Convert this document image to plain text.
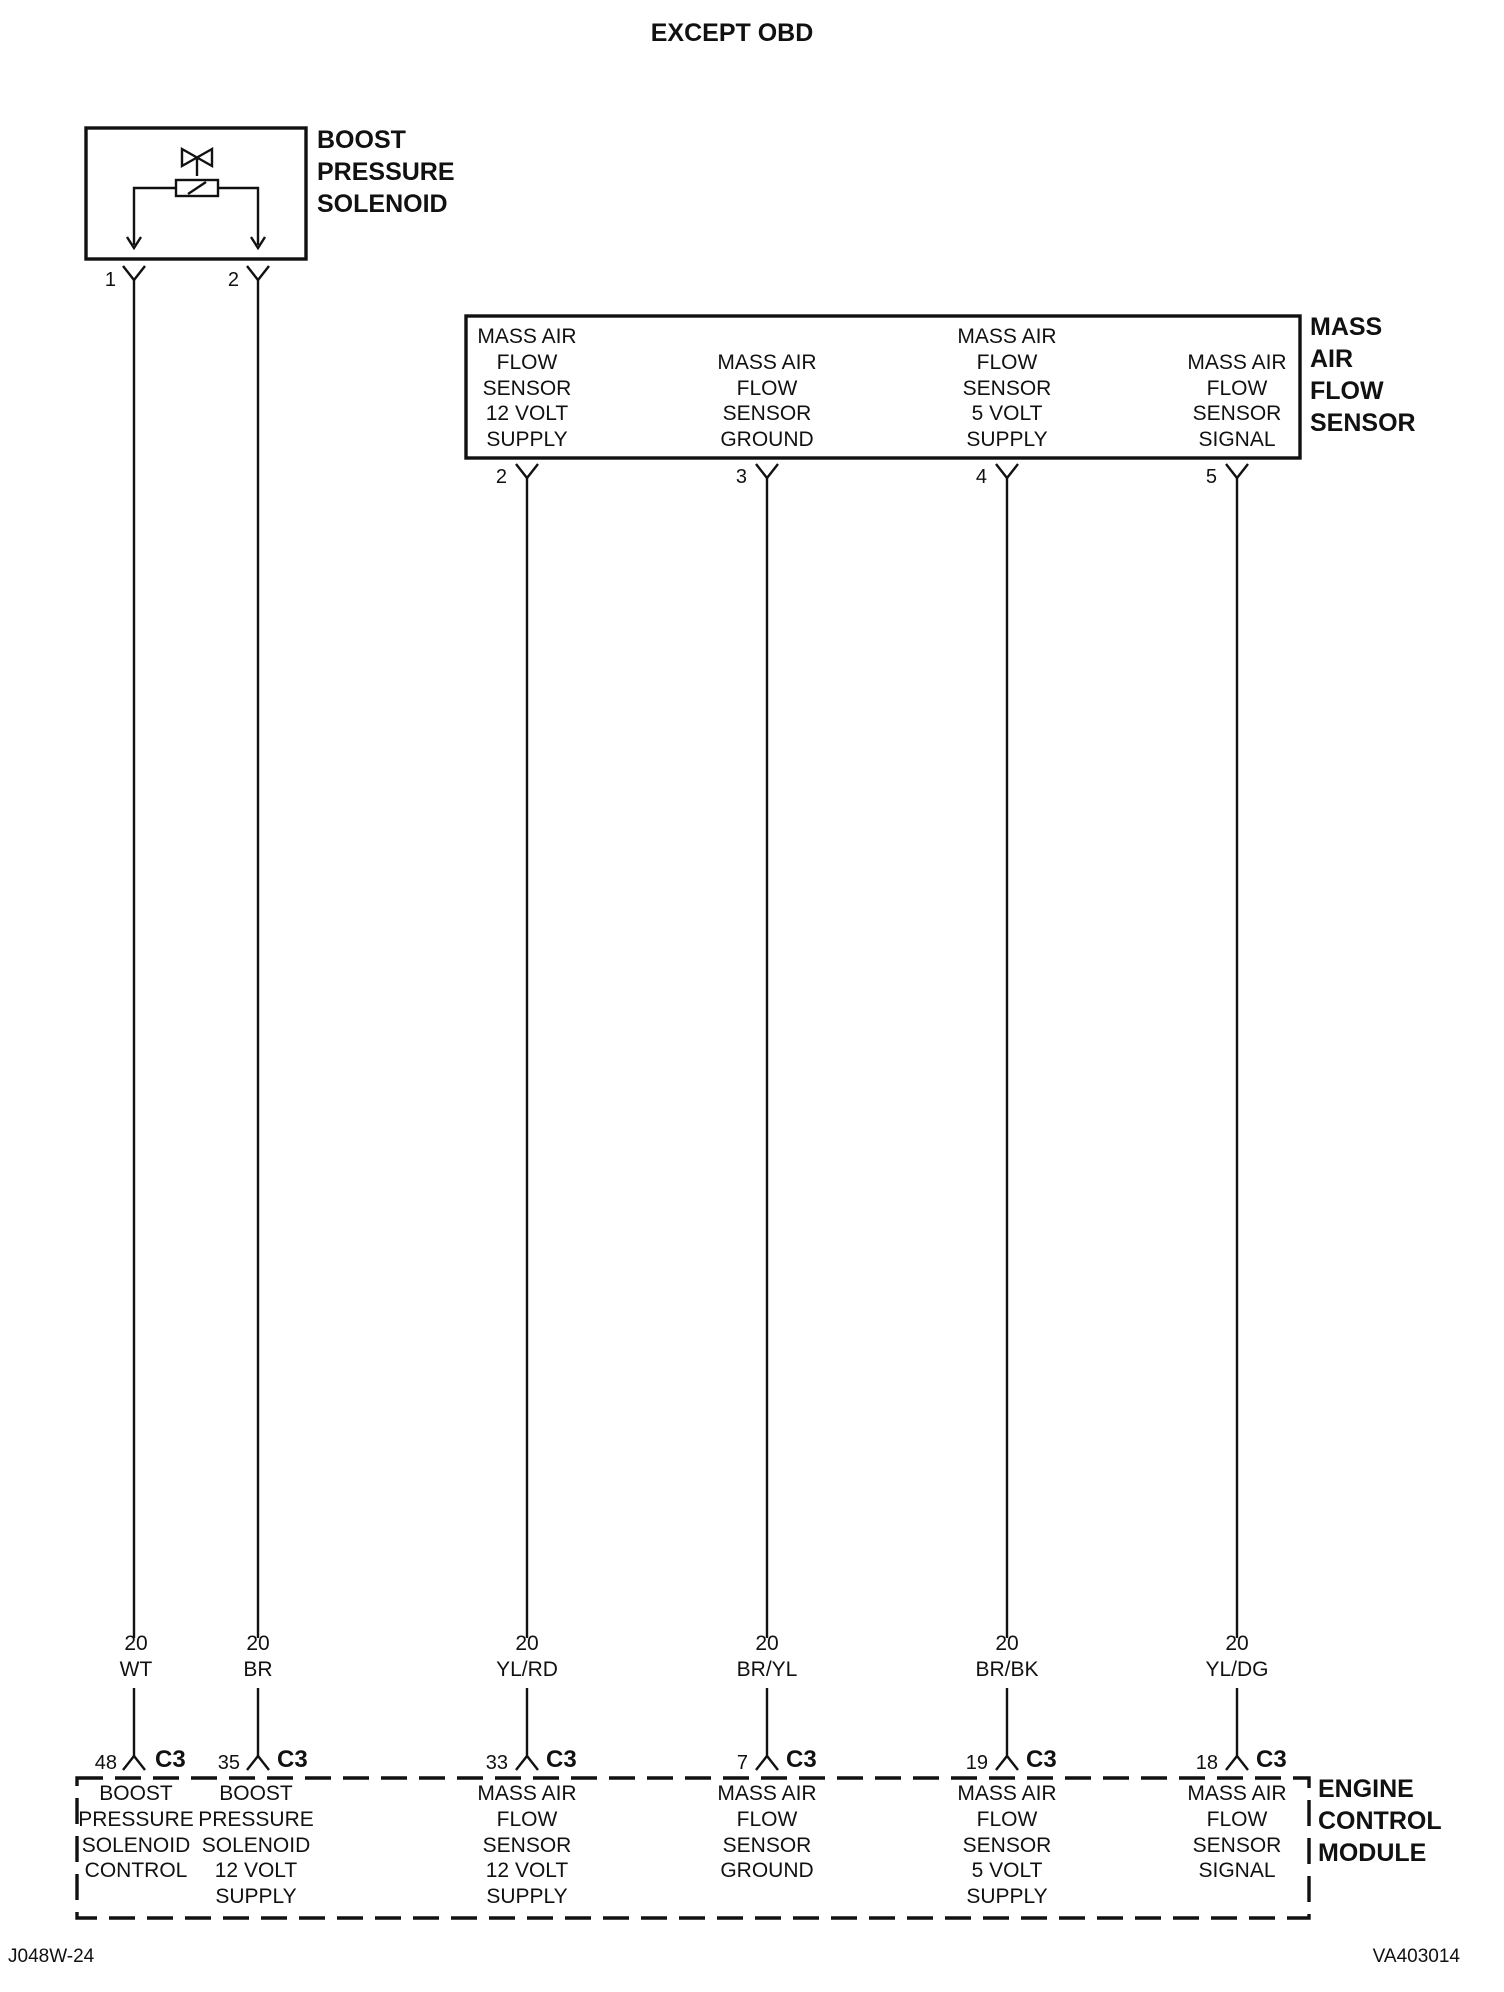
EXCEPT OBD
BOOST
PRESSURE
SOLENOID
1	2
MASS
AIR
FLOW
SENSOR
MASS AIR
FLOW
SENSOR
12 VOLT
SUPPLY
MASS AIR
FLOW
SENSOR
GROUND
MASS AIR
FLOW
SENSOR
5 VOLT
SUPPLY
MASS AIR
FLOW
SENSOR
SIGNAL
2	3	4	5
20
WT
20
BR
20
YL/RD
20
BR/YL
20
BR/BK
20
YL/DG
ENGINE
CONTROL
MODULE
48 C3 35 C3	33 C3	7 C3	19 C3	18 C3
BOOST
PRESSURE
SOLENOID
CONTROL
BOOST
PRESSURE
SOLENOID
12 VOLT
SUPPLY
MASS AIR
FLOW
SENSOR
12 VOLT
SUPPLY
MASS AIR
FLOW
SENSOR
GROUND
MASS AIR
FLOW
SENSOR
5 VOLT
SUPPLY
MASS AIR
FLOW
SENSOR
SIGNAL
J048W-24	VA403014
